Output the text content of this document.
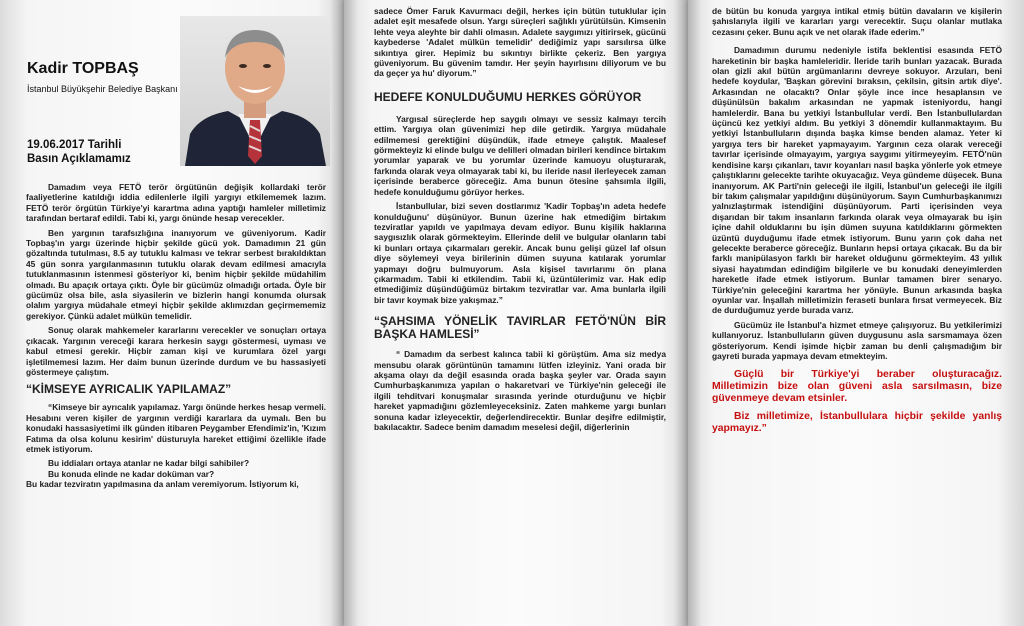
Kadir TOPBAŞ
İstanbul Büyükşehir Belediye Başkanı
19.06.2017 Tarihli
Basın Açıklamamız

Damadım veya FETÖ terör örgütünün değişik kollardaki terör faaliyetlerine katıldığı iddia edilenlerle ilgili yargıyı etkilememek lazım. FETÖ terör örgütün Türkiye'yi karartma adına yaptığı hamleler milletimiz tarafından bertaraf edildi. Tabi ki, yargı önünde hesap verecekler.

Ben yargının tarafsızlığına inanıyorum ve güveniyorum. Kadir Topbaş'ın yargı üzerinde hiçbir şekilde gücü yok. Damadımın 21 gün gözaltında tutulması, 8.5 ay tutuklu kalması ve tekrar serbest bırakıldıktan 45 gün sonra yargılanmasının tutuklu olarak devam edilmesi amacıyla tutuklanmasının istenmesi gösteriyor ki, benim hiçbir şekilde müdahilim olmadı. Bu apaçık ortaya çıktı. Öyle bir gücümüz olmadığı ortada. Öyle bir gücümüz olsa bile, asla siyasilerin ve bizlerin hangi konumda olursak olalım yargıya müdahale etmeyi hiçbir şekilde aklımızdan geçirmememiz gerekiyor. Çünkü adalet mülkün temelidir.

Sonuç olarak mahkemeler kararlarını verecekler ve sonuçları ortaya çıkacak. Yargının vereceği karara herkesin saygı göstermesi, uyması ve kabul etmesi gerekir. Hiçbir zaman kişi ve kurumlara özel yargı işletilmemesi lazım. Her daim bunun üzerinde durdum ve bu hassasiyeti göstermeye çalıştım.

“KİMSEYE AYRICALIK YAPILAMAZ”

“Kimseye bir ayrıcalık yapılamaz. Yargı önünde herkes hesap vermeli. Hesabını veren kişiler de yargının verdiği kararlara da uymalı. Ben bu konudaki hassasiyetimi ilk günden itibaren Peygamber Efendimiz'in, 'Kızım Fatıma da olsa kolunu kesirim' düsturuyla hareket ettiğimi özellikle ifade etmek istiyorum.

Bu iddiaları ortaya atanlar ne kadar bilgi sahibiler?

Bu konuda elinde ne kadar doküman var?

Bu kadar tezviratın yapılmasına da anlam veremiyorum. İstiyorum ki,

sadece Ömer Faruk Kavurmacı değil, herkes için bütün tutuklular için adalet eşit mesafede olsun. Yargı süreçleri sağlıklı yürütülsün. Kimsenin lehte veya aleyhte bir dahli olmasın. Adalete saygımızı yitirirsek, gücünü kaybederse 'Adalet mülkün temelidir' dediğimiz yapı sarsılırsa ülke sıkıntıya girer. Hepimiz bu sıkıntıyı birlikte çekeriz. Ben yargıya güveniyorum. Bu güvenim tamdır. Her şeyin hayırlısını diliyorum ve bu da geçer ya hu' diyorum.”

HEDEFE KONULDUĞUMU HERKES GÖRÜYOR

Yargısal süreçlerde hep saygılı olmayı ve sessiz kalmayı tercih ettim. Yargıya olan güvenimizi hep dile getirdik. Yargıya müdahale edilmemesi gerektiğini düşündük, ifade etmeye çalıştık. Maalesef görmekteyiz ki elinde bulgu ve delilleri olmadan birileri kendince birtakım yorumlar yaparak ve bu yorumlar üzerinde kamuoyu oluşturarak, farkında olarak veya olmayarak tabi ki, bu ileride nasıl ilerleyecek zaman içerisinde beraberce göreceğiz. Ama bunun ötesine şahsımla ilgili, hedefe konulduğumu görüyor herkes.

İstanbullular, bizi seven dostlarımız 'Kadir Topbaş'ın adeta hedefe konulduğunu' düşünüyor. Bunun üzerine hak etmediğim birtakım tezviratlar yapıldı ve yapılmaya devam ediyor. Bunu kişilik haklarına saygısızlık olarak görmekteyim. Ellerinde delil ve bulgular olanların tabi ki bunları ortaya çıkarmaları gerekir. Ancak bunu gelişi güzel laf olsun diye söylemeyi veya birilerinin dümen suyuna katılarak yorumlar yapmayı doğru bulmuyorum. Asla kişisel tavırlarımı ön plana çıkarmadım. Tabii ki etkilendim. Tabii ki, üzüntülerimiz var. Hak edip etmediğimiz düşündüğümüz birtakım tezviratlar var. Ama bunlarla ilgili bir tavır koymak bize yakışmaz.”

“ŞAHSIMA YÖNELİK TAVIRLAR FETÖ'NÜN BİR BAŞKA HAMLESİ”

“ Damadım da serbest kalınca tabii ki görüştüm. Ama siz medya mensubu olarak görüntünün tamamını lütfen izleyiniz. Yani orada bir akşama olayı da değil esasında orada başka şeyler var. Orada sayın Cumhurbaşkanımıza yapılan o hakaretvari ve Türkiye'nin geleceği ile ilgili tehditvari konuşmalar sırasında yerinde oturduğunu ve hiçbir hareket yapmadığını gözlemleyeceksiniz. Zaten mahkeme yargı bunları sonuna kadar izleyecektir, değerlendirecektir. Bunlar deşifre edilmiştir, bakılacaktır. Sadece benim damadım meselesi değil, diğerlerinin

de bütün bu konuda yargıya intikal etmiş bütün davaların ve kişilerin şahıslarıyla ilgili ve kararları yargı verecektir. Suçu olanlar mutlaka cezasını çeker. Bunu açık ve net olarak ifade ederim.”

Damadımın durumu nedeniyle istifa beklentisi esasında FETÖ hareketinin bir başka hamleleridir. İleride tarih bunları yazacak. Burada olan gizli akıl bütün argümanlarını devreye sokuyor. Arzuları, beni hedefe koydular, 'Başkan görevini bıraksın, çekilsin, gitsin artık diye'. Arkasından ne olacaktı? Onlar şöyle ince ince hesaplansın ve düşünülsün bakalım arkasından ne yapmak isteniyordu, hangi hamlelerdir. Bana bu yetkiyi İstanbullular verdi. Ben İstanbullulardan üçüncü kez yetkiyi aldım. Bu yetkiyi 3 dönemdir kullanmaktayım. Bu yetkiyi İstanbulluların dışında başka kimse benden alamaz. Yeter ki yargıya ters bir hareket yapmayayım. Yargının ceza olarak vereceği tavırlar içerisinde olmayayım, yargıya saygımı yitirmeyeyim. FETÖ'nün kendisine karşı çıkanları, tavır koyanları nasıl başka yönlerle yok etmeye çalıştıklarını gelecekte tarihte okuyacağız. Veya gündeme düşecek. Buna inanıyorum. AK Parti'nin geleceği ile ilgili, İstanbul'un geleceği ile ilgili bir takım çalışmalar yapıldığını düşünüyorum. Sayın Cumhurbaşkanımızı yalnızlaştırmak istendiğini düşünüyorum. Parti içerisinden veya dışarıdan bir takım insanların farkında olarak veya olmayarak bu işin içine dahil olduklarını bu işin dümen suyuna katıldıklarını görmekten üzüntü duyduğumu ifade etmek istiyorum. Bunu yarın çok daha net gelecekte beraberce göreceğiz. Bunların hepsi ortaya çıkacak. Bu da bir farklı manipülasyon farklı bir hareket olduğunu görmekteyim. 43 yıllık siyasi hayatımdan edindiğim bilgilerle ve bu konudaki deneyimlerden hareketle ifade etmek istiyorum. Bunlar tamamen birer senaryo. Türkiye'nin geleceğini karartma her yönüyle. Bunun arkasında başka oyunlar var. İnşallah milletimizin feraseti bunlara fırsat vermeyecek. Biz de durduğumuz yerde burada varız.

Gücümüz ile İstanbul'a hizmet etmeye çalışıyoruz. Bu yetkilerimizi kullanıyoruz. İstanbulluların güven duygusunu asla sarsmamaya özen gösteriyorum. Kendi işimde hiçbir zaman bu denli çalışmadığım bir gayreti burada yapmaya devam etmekteyim.

Güçlü bir Türkiye'yi beraber oluşturacağız. Milletimizin bize olan güveni asla sarsılmasın, bize güvenmeye devam etsinler.

Biz milletimize, İstanbullulara hiçbir şekilde yanlış yapmayız.”
